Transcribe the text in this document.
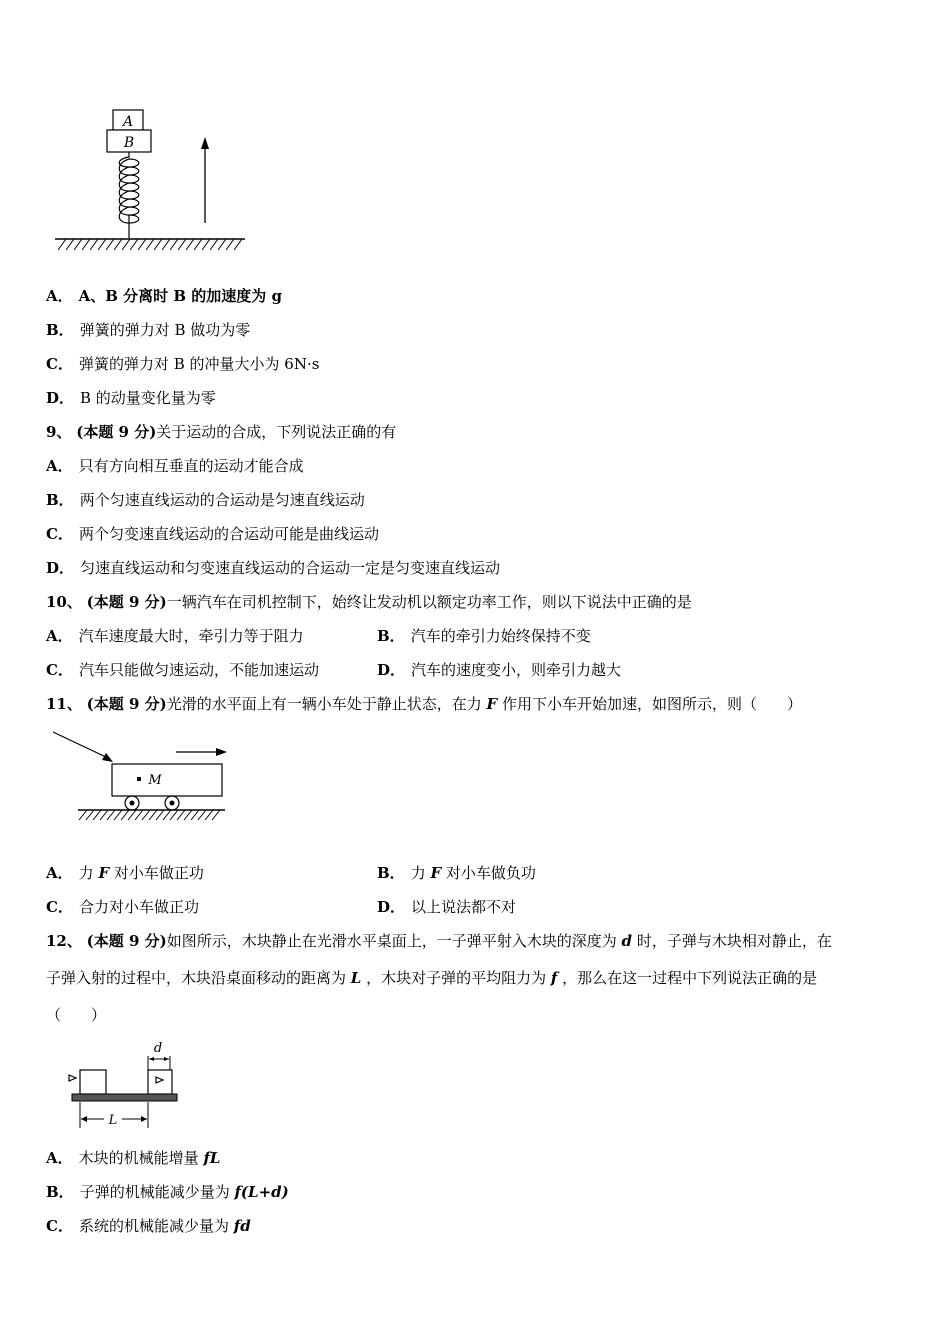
A
B
A． A、B 分离时 B 的加速度为 g
B． 弹簧的弹力对 B 做功为零
C． 弹簧的弹力对 B 的冲量大小为 6N·s
D． B 的动量变化量为零
9、 (本题 9 分)关于运动的合成，下列说法正确的有
A． 只有方向相互垂直的运动才能合成
B． 两个匀速直线运动的合运动是匀速直线运动
C． 两个匀变速直线运动的合运动可能是曲线运动
D． 匀速直线运动和匀变速直线运动的合运动一定是匀变速直线运动
10、 (本题 9 分)一辆汽车在司机控制下，始终让发动机以额定功率工作，则以下说法中正确的是
A． 汽车速度最大时，牵引力等于阻力	B． 汽车的牵引力始终保持不变
C． 汽车只能做匀速运动，不能加速运动	D． 汽车的速度变小，则牵引力越大
11、 (本题 9 分)光滑的水平面上有一辆小车处于静止状态，在力 F 作用下小车开始加速，如图所示，则（　　）
M
A． 力 F 对小车做正功	B． 力 F 对小车做负功
C． 合力对小车做正功	D． 以上说法都不对
12、 (本题 9 分)如图所示，木块静止在光滑水平桌面上，一子弹平射入木块的深度为 d 时，子弹与木块相对静止，在
子弹入射的过程中，木块沿桌面移动的距离为 L ，木块对子弹的平均阻力为 f ，那么在这一过程中下列说法正确的是
（　　）
d
L
A． 木块的机械能增量 fL
B． 子弹的机械能减少量为 f(L+d)
C． 系统的机械能减少量为 fd
